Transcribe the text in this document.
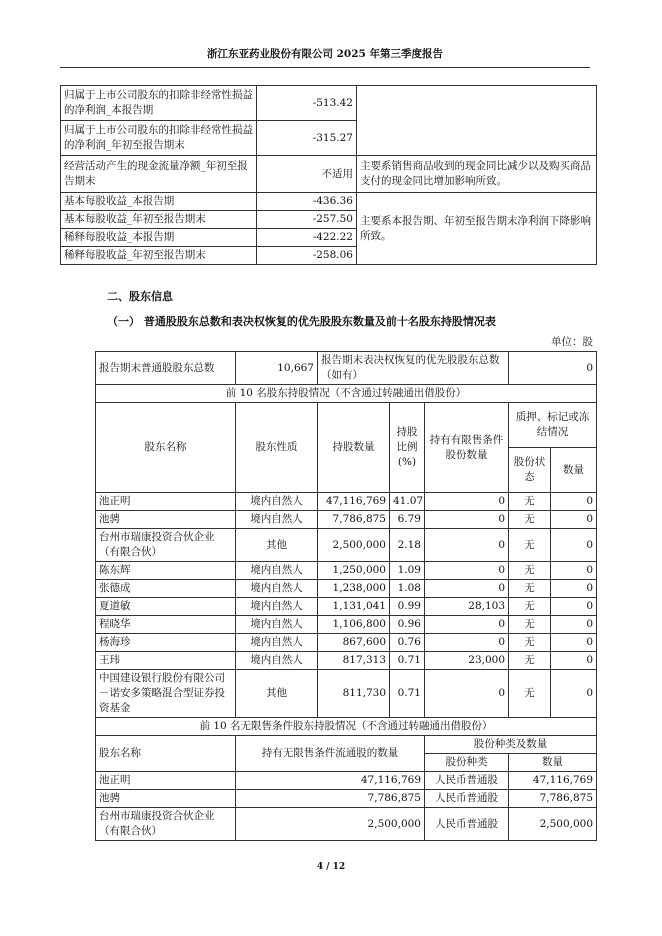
浙江东亚药业股份有限公司 2025 年第三季度报告
归属于上市公司股东的扣除非经常性损益的净利润_本报告期	-513.42	
归属于上市公司股东的扣除非经常性损益的净利润_年初至报告期末	-315.27	
经营活动产生的现金流量净额_年初至报告期末	不适用	主要系销售商品收到的现金同比减少以及购买商品支付的现金同比增加影响所致。
基本每股收益_本报告期	-436.36	主要系本报告期、年初至报告期末净利润下降影响所致。
基本每股收益_年初至报告期末	-257.50	
稀释每股收益_本报告期	-422.22	
稀释每股收益_年初至报告期末	-258.06	
二、股东信息
（一） 普通股股东总数和表决权恢复的优先股股东数量及前十名股东持股情况表
单位：股
报告期末普通股股东总数	10,667	报告期末表决权恢复的优先股股东总数（如有）			0	
前 10 名股东持股情况（不含通过转融通出借股份）						
股东名称	股东性质	持股数量	持股比例(%)	持有有限售条件股份数量	质押、标记或冻结情况	
					股份状态	数量
池正明	境内自然人	47,116,769	41.07	0	无	0
池骋	境内自然人	7,786,875	6.79	0	无	0
台州市瑞康投资合伙企业（有限合伙）	其他	2,500,000	2.18	0	无	0
陈东辉	境内自然人	1,250,000	1.09	0	无	0
张德成	境内自然人	1,238,000	1.08	0	无	0
夏道敏	境内自然人	1,131,041	0.99	28,103	无	0
程晓华	境内自然人	1,106,800	0.96	0	无	0
杨海珍	境内自然人	867,600	0.76	0	无	0
王玮	境内自然人	817,313	0.71	23,000	无	0
中国建设银行股份有限公司－诺安多策略混合型证券投资基金	其他	811,730	0.71	0	无	0
前 10 名无限售条件股东持股情况（不含通过转融通出借股份）						
股东名称	持有无限售条件流通股的数量			股份种类及数量		
				股份种类	数量	
池正明	47,116,769			人民币普通股	47,116,769	
池骋	7,786,875			人民币普通股	7,786,875	
台州市瑞康投资合伙企业（有限合伙）	2,500,000			人民币普通股	2,500,000	
4 / 12
